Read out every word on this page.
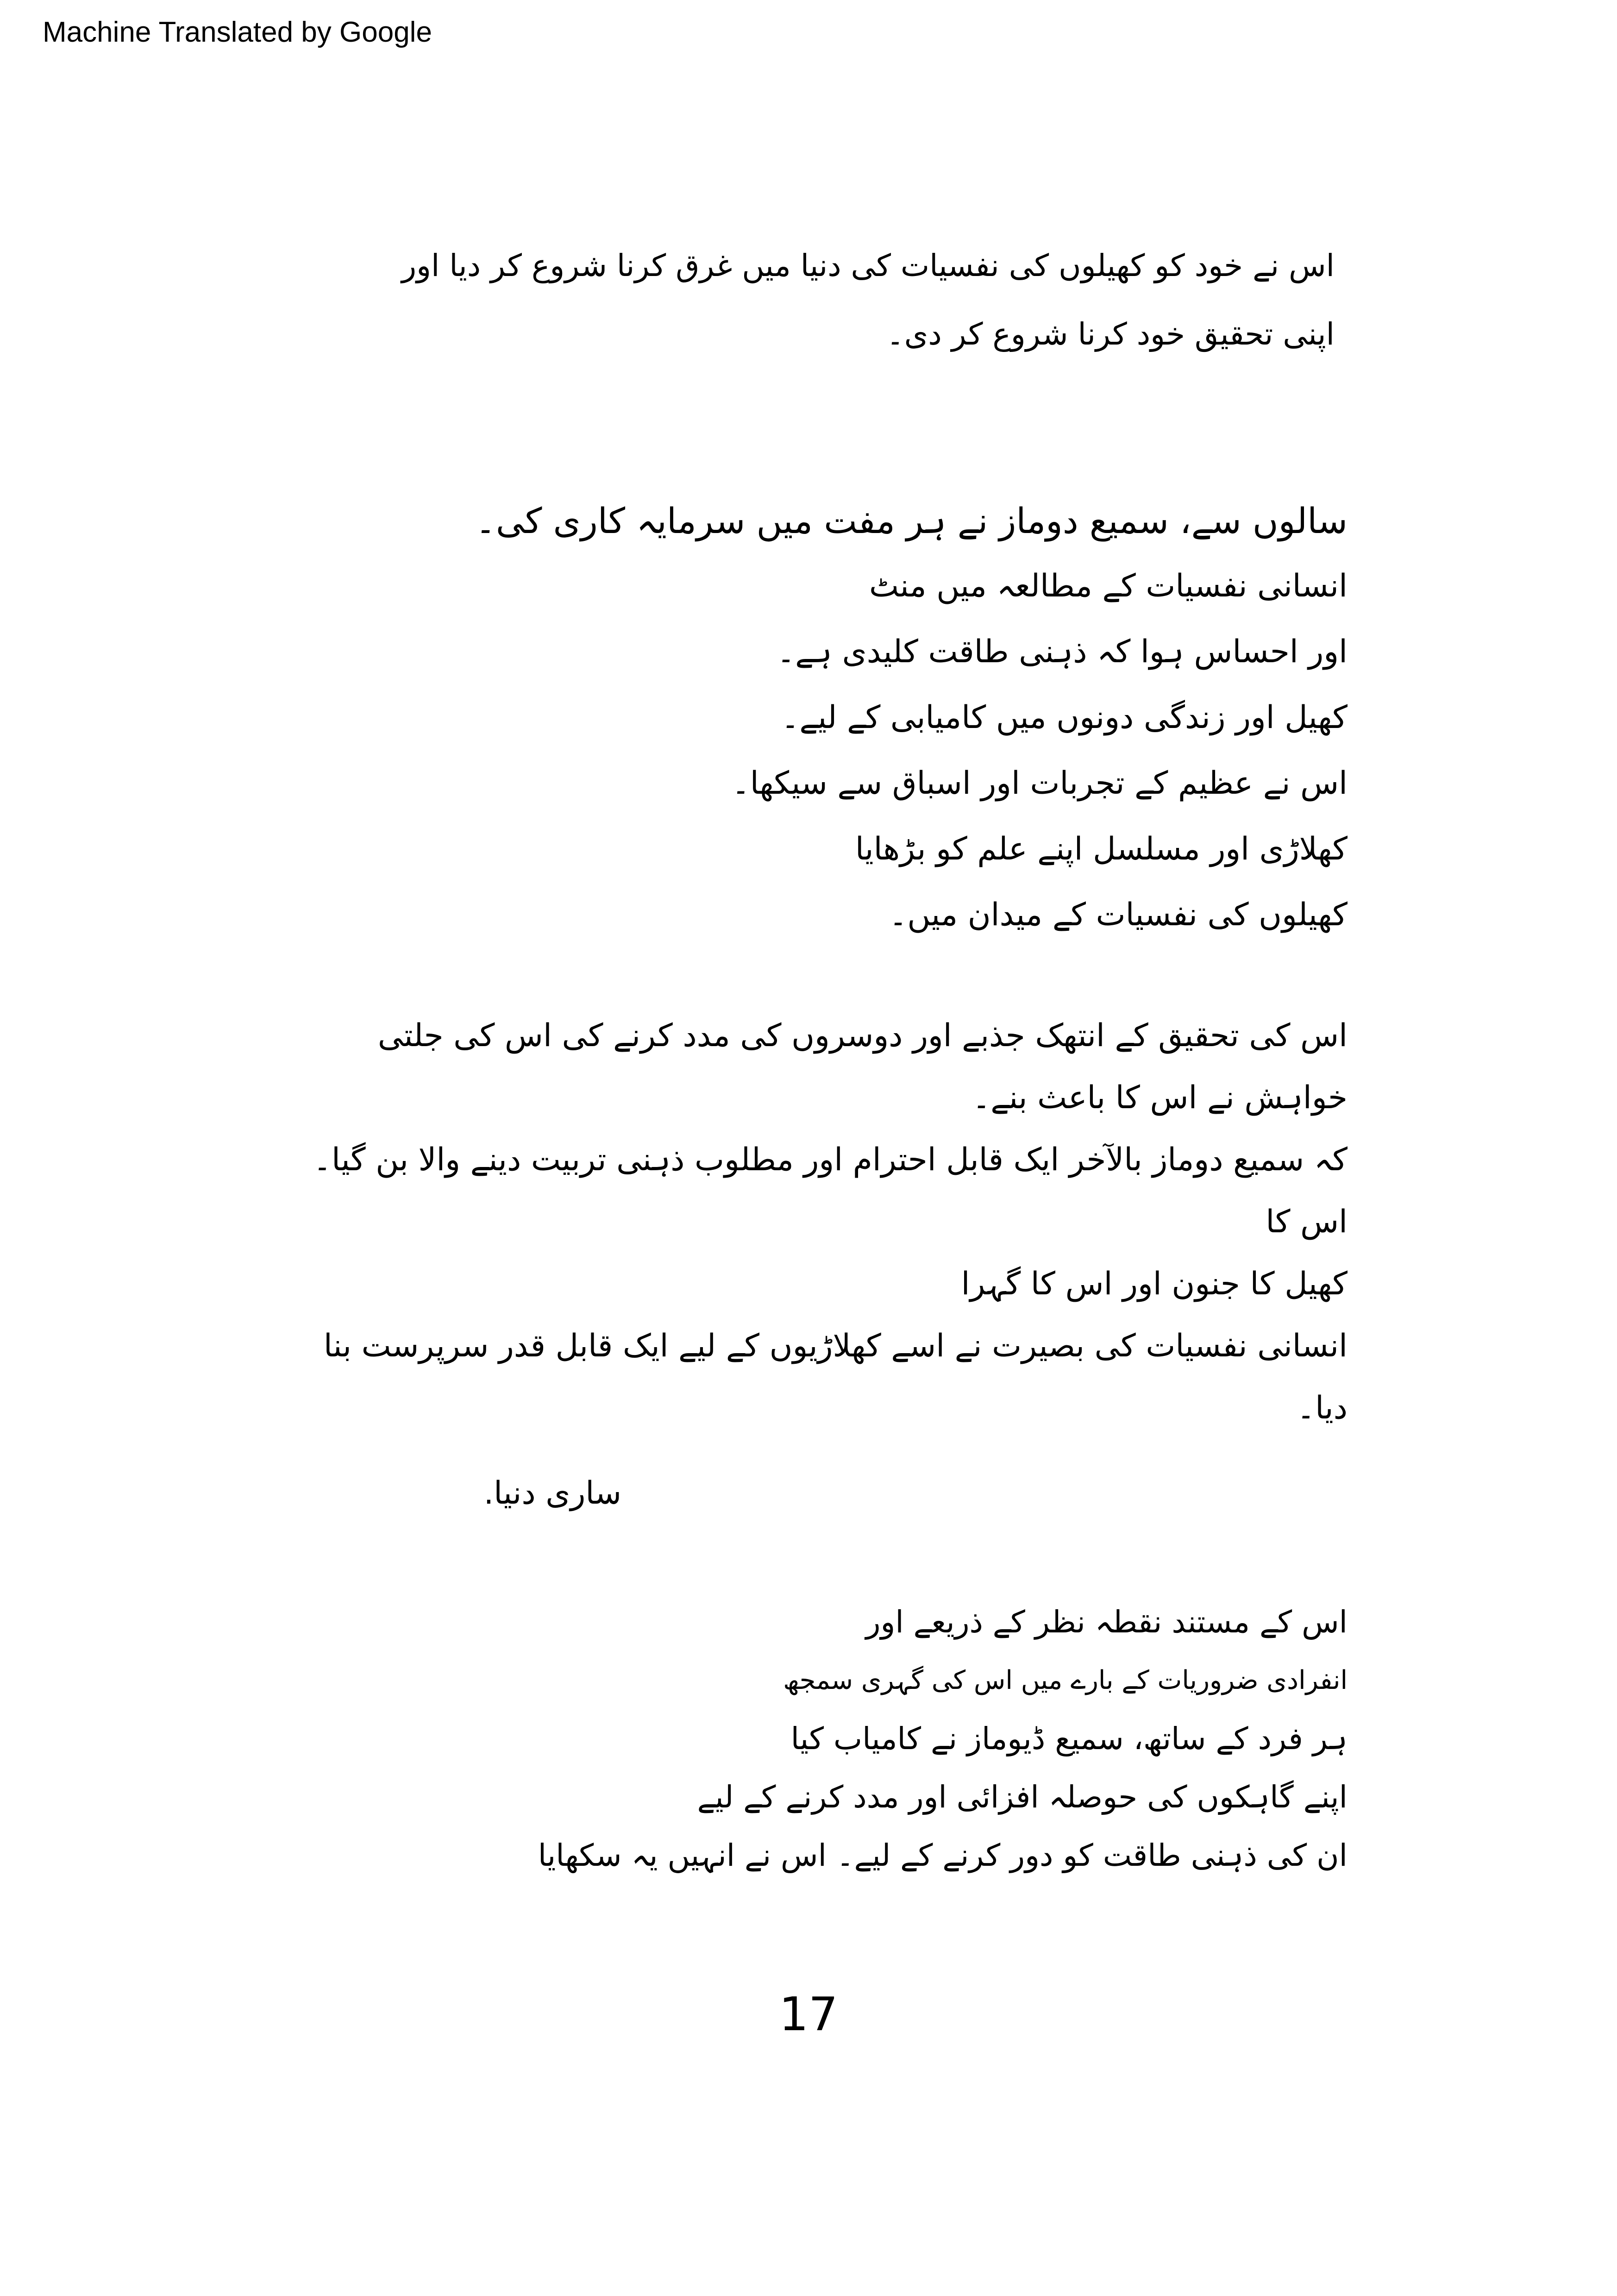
Machine Translated by Google
اس نے خود کو کھیلوں کی نفسیات کی دنیا میں غرق کرنا شروع کر دیا اور
اپنی تحقیق خود کرنا شروع کر دی۔
سالوں سے، سمیع دوماز نے ہر مفت میں سرمایہ کاری کی۔
انسانی نفسیات کے مطالعہ میں منٹ
اور احساس ہوا کہ ذہنی طاقت کلیدی ہے۔
کھیل اور زندگی دونوں میں کامیابی کے لیے۔
اس نے عظیم کے تجربات اور اسباق سے سیکھا۔
کھلاڑی اور مسلسل اپنے علم کو بڑھایا
کھیلوں کی نفسیات کے میدان میں۔
اس کی تحقیق کے انتھک جذبے اور دوسروں کی مدد کرنے کی اس کی جلتی خواہش نے اس کا باعث بنے۔
کہ سمیع دوماز بالآخر ایک قابل احترام اور مطلوب ذہنی تربیت دینے والا بن گیا۔ اس کا
کھیل کا جنون اور اس کا گہرا
انسانی نفسیات کی بصیرت نے اسے کھلاڑیوں کے لیے ایک قابل قدر سرپرست بنا دیا۔
ساری دنیا.
اس کے مستند نقطہ نظر کے ذریعے اور
انفرادی ضروریات کے بارے میں اس کی گہری سمجھ
ہر فرد کے ساتھ، سمیع ڈیوماز نے کامیاب کیا
اپنے گاہکوں کی حوصلہ افزائی اور مدد کرنے کے لیے
ان کی ذہنی طاقت کو دور کرنے کے لیے۔ اس نے انہیں یہ سکھایا
17
